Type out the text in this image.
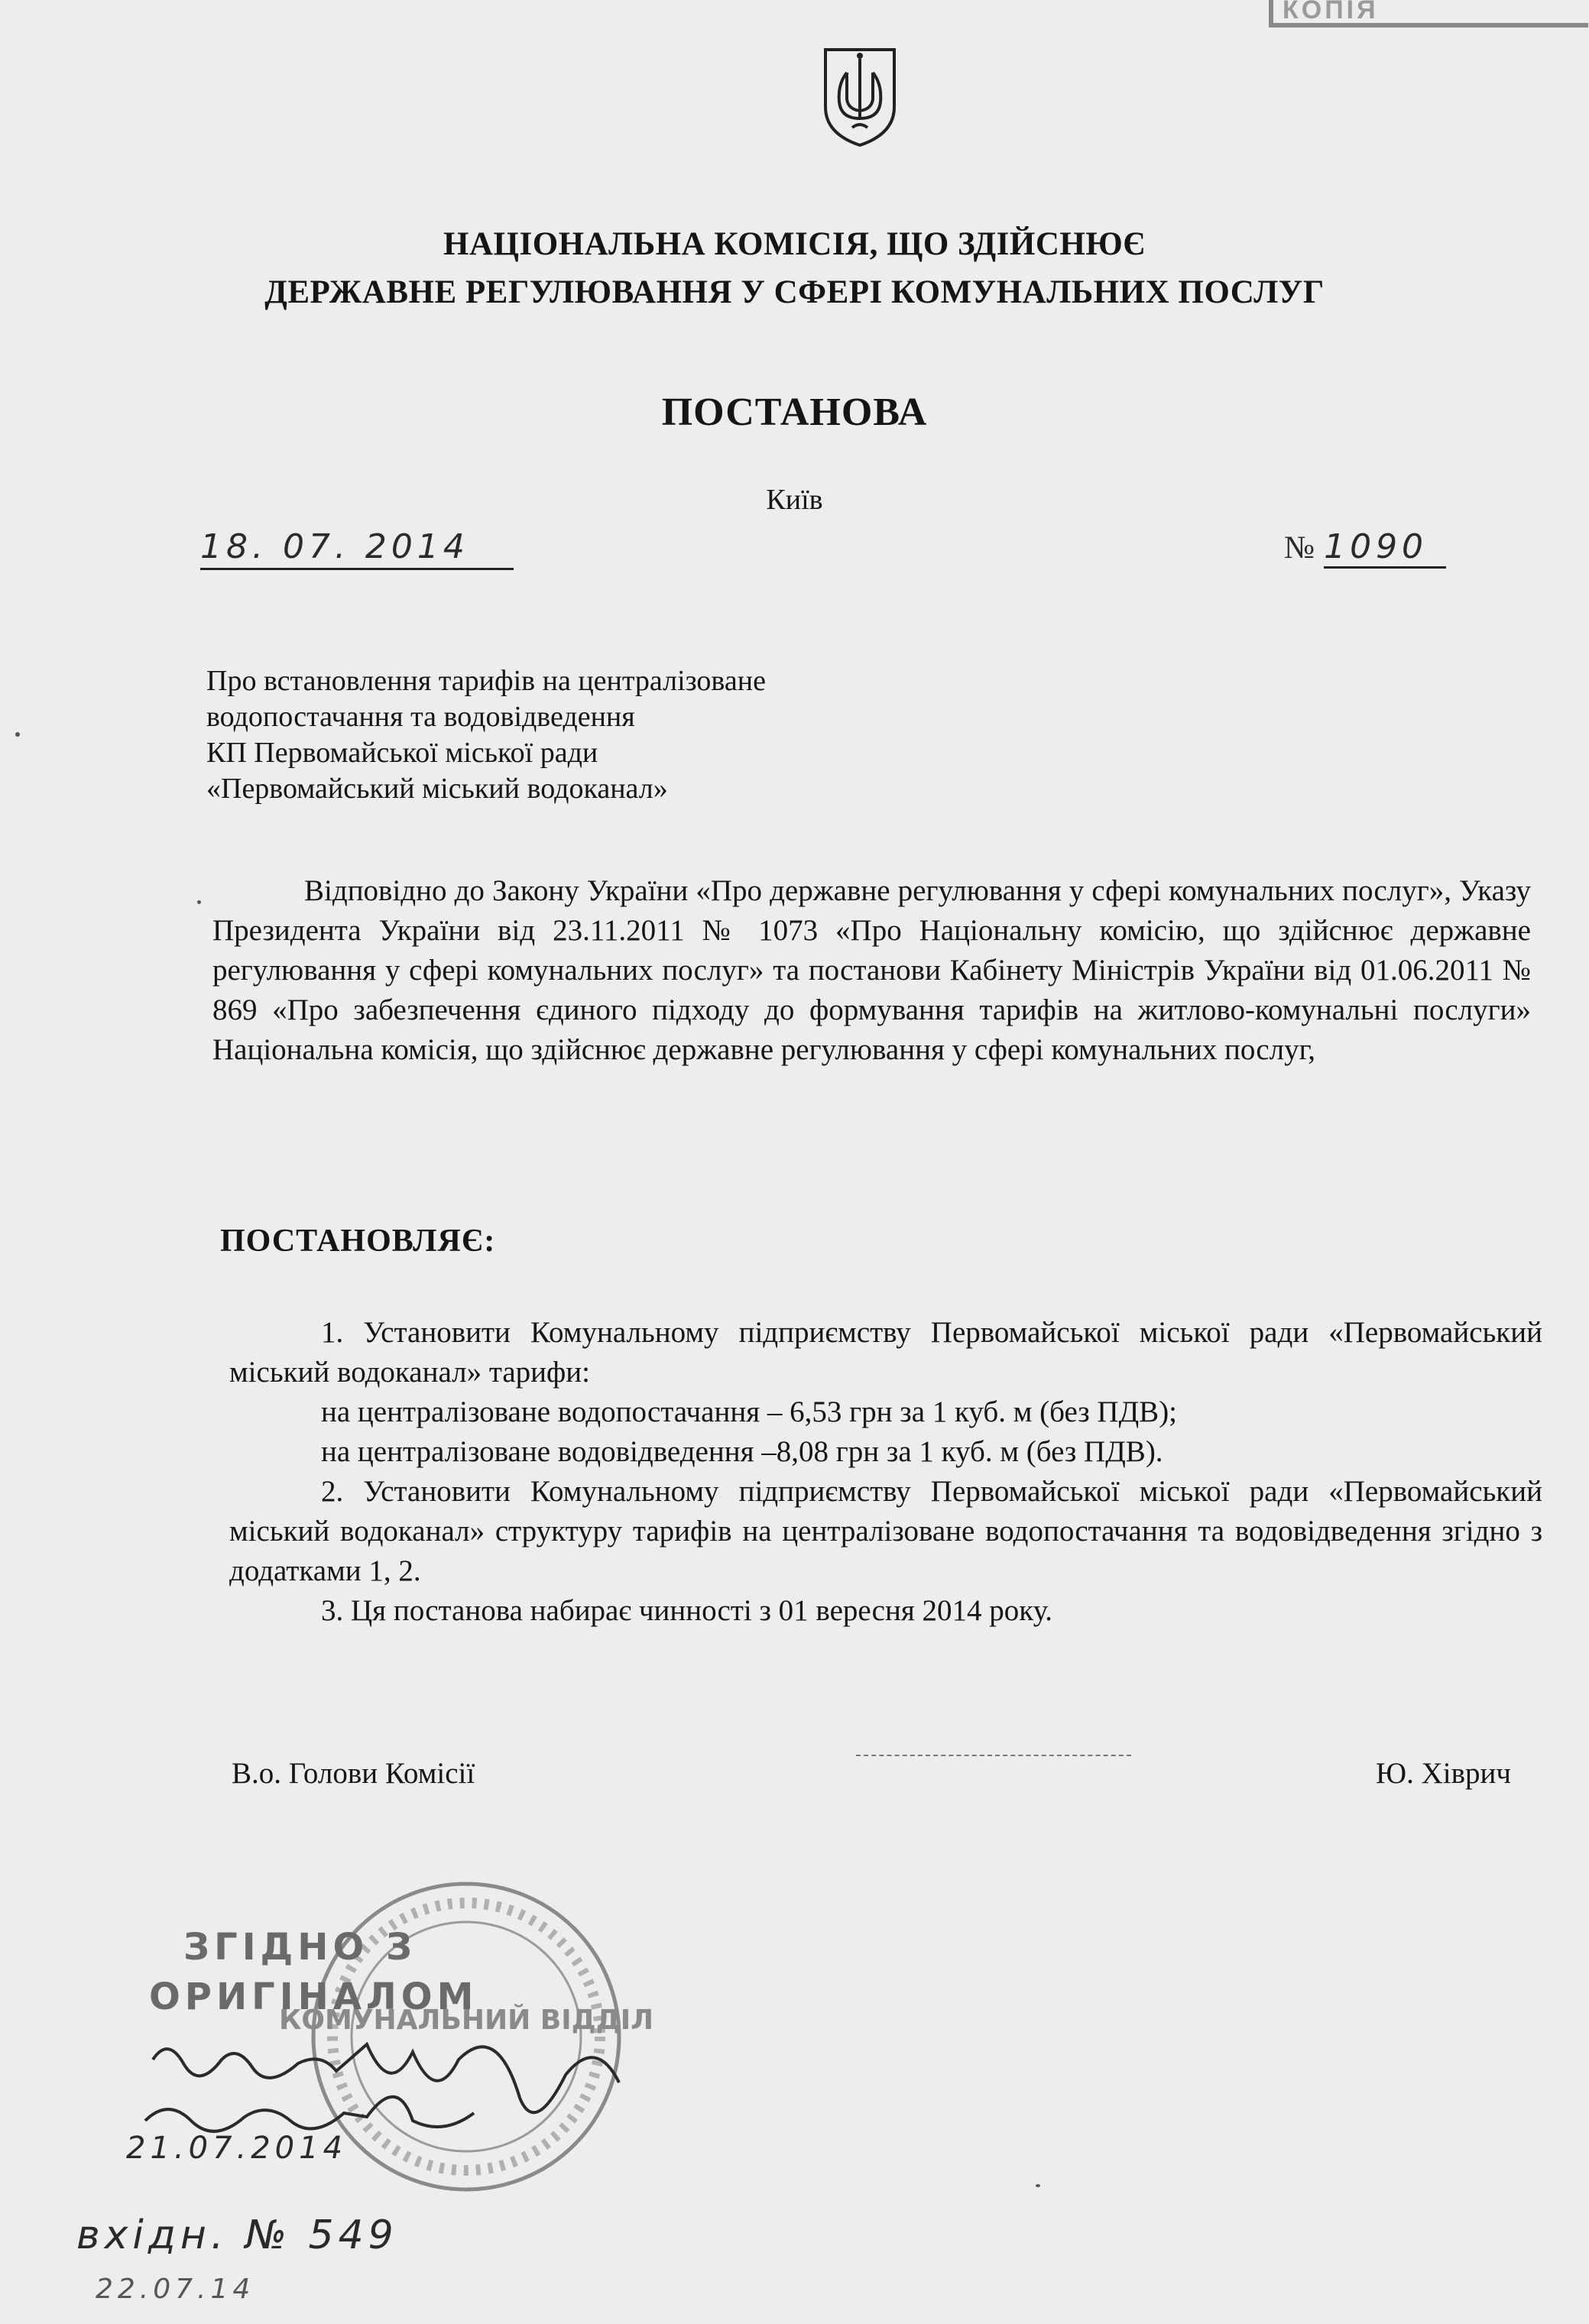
КОПІЯ
НАЦІОНАЛЬНА КОМІСІЯ, ЩО ЗДІЙСНЮЄ
ДЕРЖАВНЕ РЕГУЛЮВАННЯ У СФЕРІ КОМУНАЛЬНИХ ПОСЛУГ
ПОСТАНОВА
Київ
18. 07. 2014	№ 1090
Про встановлення тарифів на централізоване
водопостачання та водовідведення
КП Первомайської міської ради
«Первомайський міський водоканал»

Відповідно до Закону України «Про державне регулювання у сфері комунальних послуг», Указу Президента України від 23.11.2011 № 1073 «Про Національну комісію, що здійснює державне регулювання у сфері комунальних послуг» та постанови Кабінету Міністрів України від 01.06.2011 № 869 «Про забезпечення єдиного підходу до формування тарифів на житлово-комунальні послуги» Національна комісія, що здійснює державне регулювання у сфері комунальних послуг,

ПОСТАНОВЛЯЄ:
1. Установити Комунальному підприємству Первомайської міської ради «Первомайський міський водоканал» тарифи:
на централізоване водопостачання – 6,53 грн за 1 куб. м (без ПДВ);
на централізоване водовідведення –8,08 грн за 1 куб. м (без ПДВ).
2. Установити Комунальному підприємству Первомайської міської ради «Первомайський міський водоканал» структуру тарифів на централізоване водопостачання та водовідведення згідно з додатками 1, 2.
3. Ця постанова набирає чинності з 01 вересня 2014 року.
В.о. Голови Комісії	Ю. Хіврич
КОМУНАЛЬНИЙ ВІДДІЛ
ЗГІДНО З
ОРИГІНАЛОМ
21.07.2014
вхідн. № 549
22.07.14
